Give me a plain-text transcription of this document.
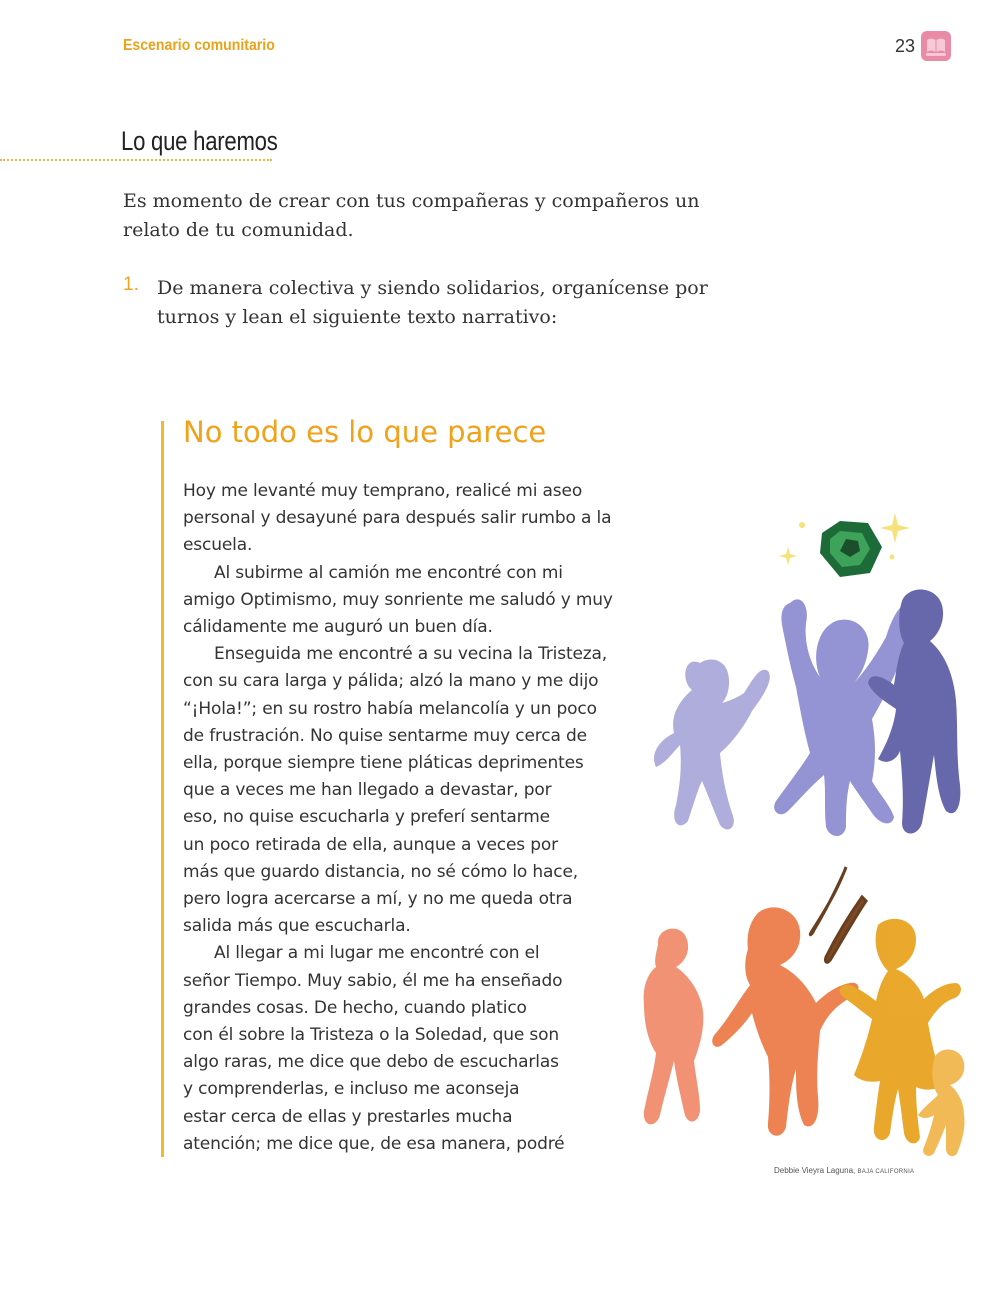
Escenario comunitario	23
Lo que haremos
Es momento de crear con tus compañeras y compañeros un
relato de tu comunidad.
1. De manera colectiva y siendo solidarios, organícense por
turnos y lean el siguiente texto narrativo:
No todo es lo que parece
Hoy me levanté muy temprano, realicé mi aseo
personal y desayuné para después salir rumbo a la
escuela.
Al subirme al camión me encontré con mi
amigo Optimismo, muy sonriente me saludó y muy
cálidamente me auguró un buen día.
Enseguida me encontré a su vecina la Tristeza,
con su cara larga y pálida; alzó la mano y me dijo
“¡Hola!”; en su rostro había melancolía y un poco
de frustración. No quise sentarme muy cerca de
ella, porque siempre tiene pláticas deprimentes
que a veces me han llegado a devastar, por
eso, no quise escucharla y preferí sentarme
un poco retirada de ella, aunque a veces por
más que guardo distancia, no sé cómo lo hace,
pero logra acercarse a mí, y no me queda otra
salida más que escucharla.
Al llegar a mi lugar me encontré con el
señor Tiempo. Muy sabio, él me ha enseñado
grandes cosas. De hecho, cuando platico
con él sobre la Tristeza o la Soledad, que son
algo raras, me dice que debo de escucharlas
y comprenderlas, e incluso me aconseja
estar cerca de ellas y prestarles mucha
atención; me dice que, de esa manera, podré
Debbie Vieyra Laguna, BAJA CALIFORNIA
